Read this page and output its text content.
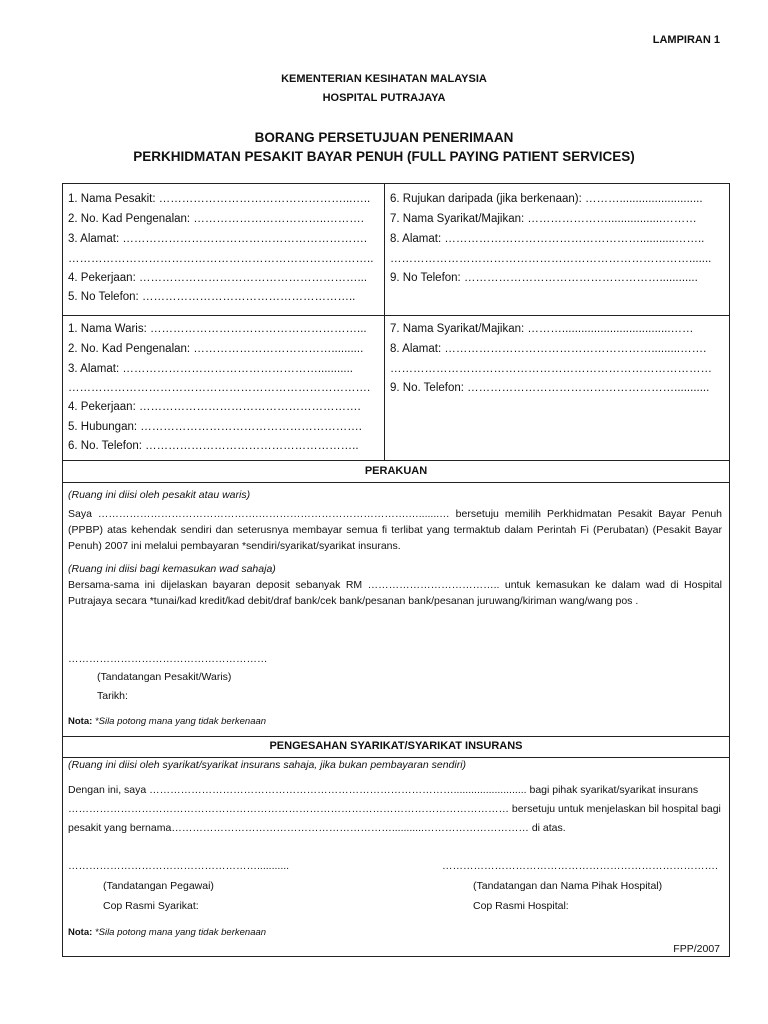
LAMPIRAN 1
KEMENTERIAN KESIHATAN MALAYSIA
HOSPITAL PUTRAJAYA
BORANG PERSETUJUAN PENERIMAAN
PERKHIDMATAN PESAKIT BAYAR PENUH (FULL PAYING PATIENT SERVICES)
1. Nama Pesakit: …………………………………………...…..
2. No. Kad Pengenalan: ……………………………..……….
3. Alamat: ……………………………………………………….
……………………………………………………………………..
4. Pekerjaan: …………………………………………………...
5. No Telefon: ………………………………………………..
6. Rujukan daripada (jika berkenaan): ………..........................
7. Nama Syarikat/Majikan: ………………….................………
8. Alamat: ……………………………………………...........……..
…………………………………………………………………….......
9. No Telefon: ……………………………………………............
1. Nama Waris: ………………………………………………...
2. No. Kad Pengenalan: ………………………………..........
3. Alamat: ……………………………………………...........
…………………………………………………………………….
4. Pekerjaan: ………………………………………………….
5. Hubungan: ………………………………………………….
6. No. Telefon: ………………………………………………..
7. Nama Syarikat/Majikan: ………..................................……
8. Alamat: ……………………………………………….........…….
…………………………………………………………………………
9. No. Telefon: ………………………………………………...........
PERAKUAN
(Ruang ini diisi oleh pesakit atau waris)
Saya ……………………………………….…………………………………….….......… bersetuju memilih Perkhidmatan Pesakit Bayar Penuh (PPBP) atas kehendak sendiri dan seterusnya membayar semua fi terlibat yang termaktub dalam Perintah Fi (Perubatan) (Pesakit Bayar Penuh) 2007 ini melalui pembayaran *sendiri/syarikat/syarikat insurans.
(Ruang ini diisi bagi kemasukan wad sahaja)
Bersama-sama ini dijelaskan bayaran deposit sebanyak RM ……………………………….. untuk kemasukan ke dalam wad di Hospital Putrajaya secara *tunai/kad kredit/kad debit/draf bank/cek bank/pesanan bank/pesanan juruwang/kiriman wang/wang pos .
…………………………………………………
(Tandatangan Pesakit/Waris)
Tarikh:
Nota: *Sila potong mana yang tidak berkenaan
PENGESAHAN SYARIKAT/SYARIKAT INSURANS
(Ruang ini diisi oleh syarikat/syarikat insurans sahaja, jika bukan pembayaran sendiri)
Dengan ini, saya ……………………………………………………………………………......................... bagi pihak syarikat/syarikat insurans
……………………………………………………………………………………………………………… bersetuju untuk menjelaskan bil hospital bagi
pesakit yang bernama………………………………………………………...........………………………… di atas.
………………………………………………...........	…………………………………………………………………….
(Tandatangan Pegawai)
Cop Rasmi Syarikat:
(Tandatangan dan Nama Pihak Hospital)
Cop Rasmi Hospital:
Nota: *Sila potong mana yang tidak berkenaan
FPP/2007
